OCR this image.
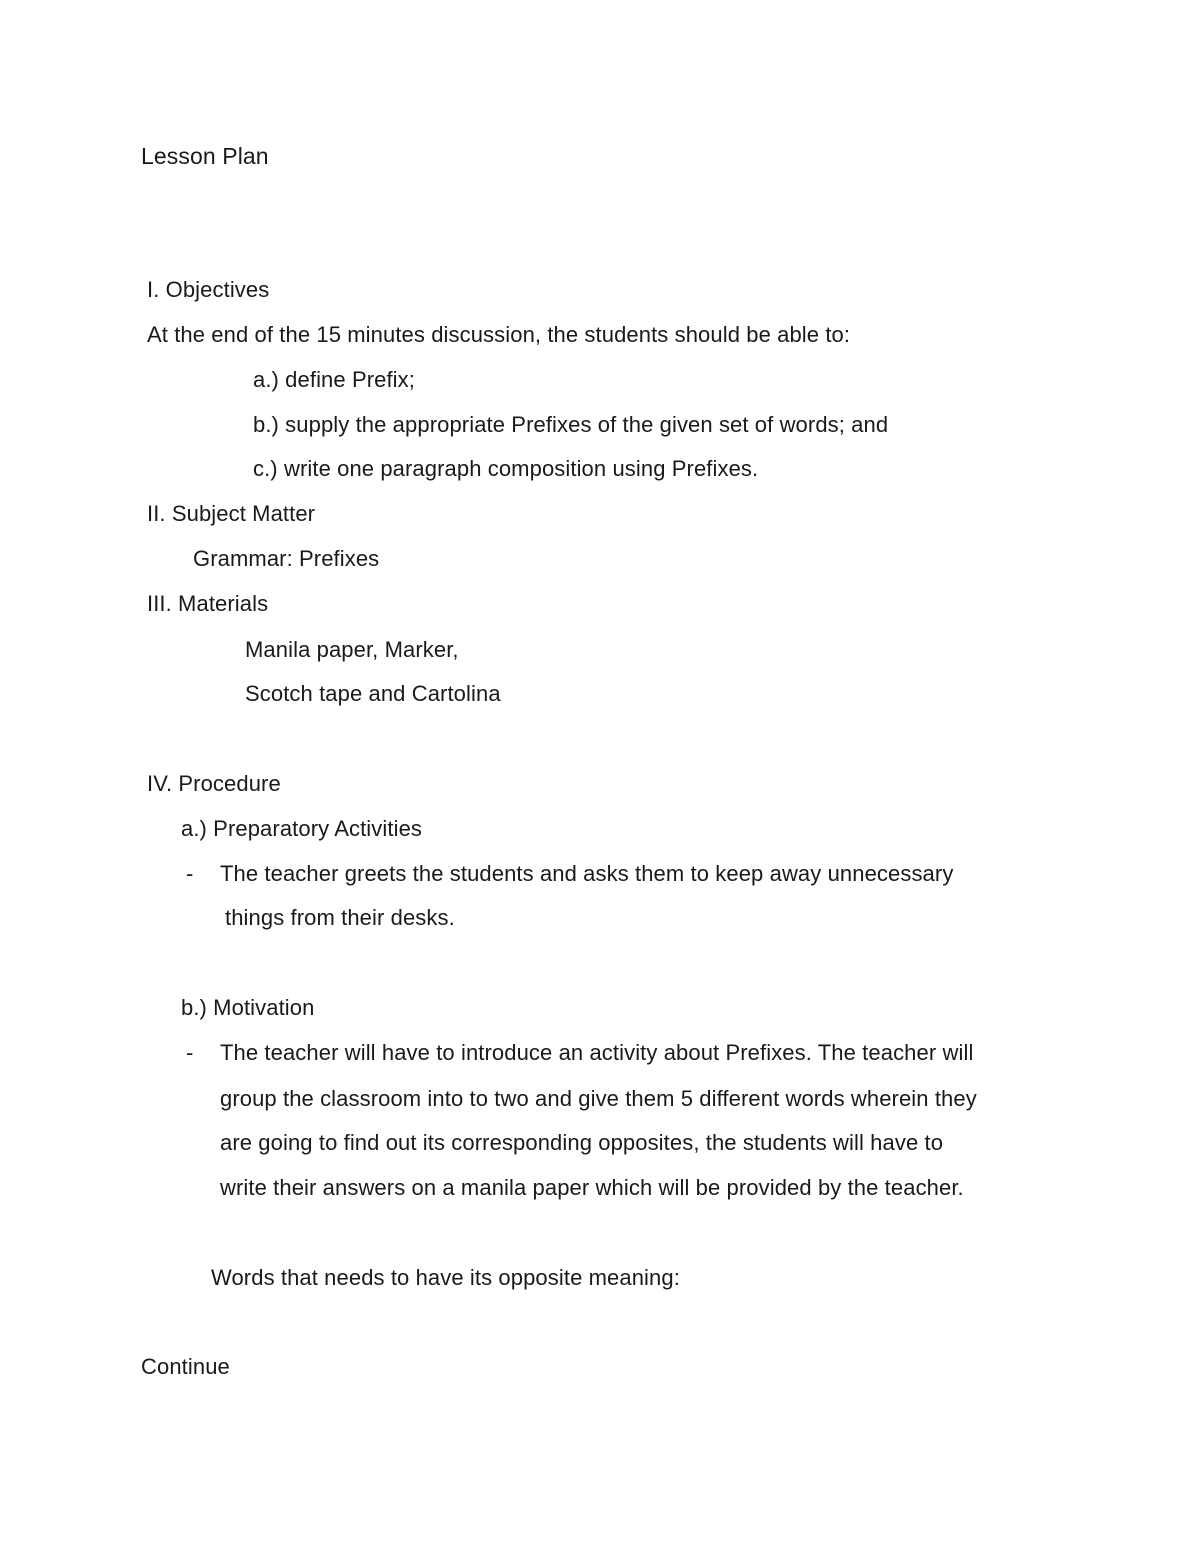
Lesson Plan
I. Objectives
At the end of the 15 minutes discussion, the students should be able to:
a.) define Prefix;
b.) supply the appropriate Prefixes of the given set of words; and
c.) write one paragraph composition using Prefixes.
II. Subject Matter
Grammar: Prefixes
III. Materials
Manila paper, Marker,
Scotch tape and Cartolina
IV. Procedure
a.) Preparatory Activities
- The teacher greets the students and asks them to keep away unnecessary
things from their desks.
b.) Motivation
- The teacher will have to introduce an activity about Prefixes. The teacher will
group the classroom into to two and give them 5 different words wherein they
are going to find out its corresponding opposites, the students will have to
write their answers on a manila paper which will be provided by the teacher.
Words that needs to have its opposite meaning:
Continue
